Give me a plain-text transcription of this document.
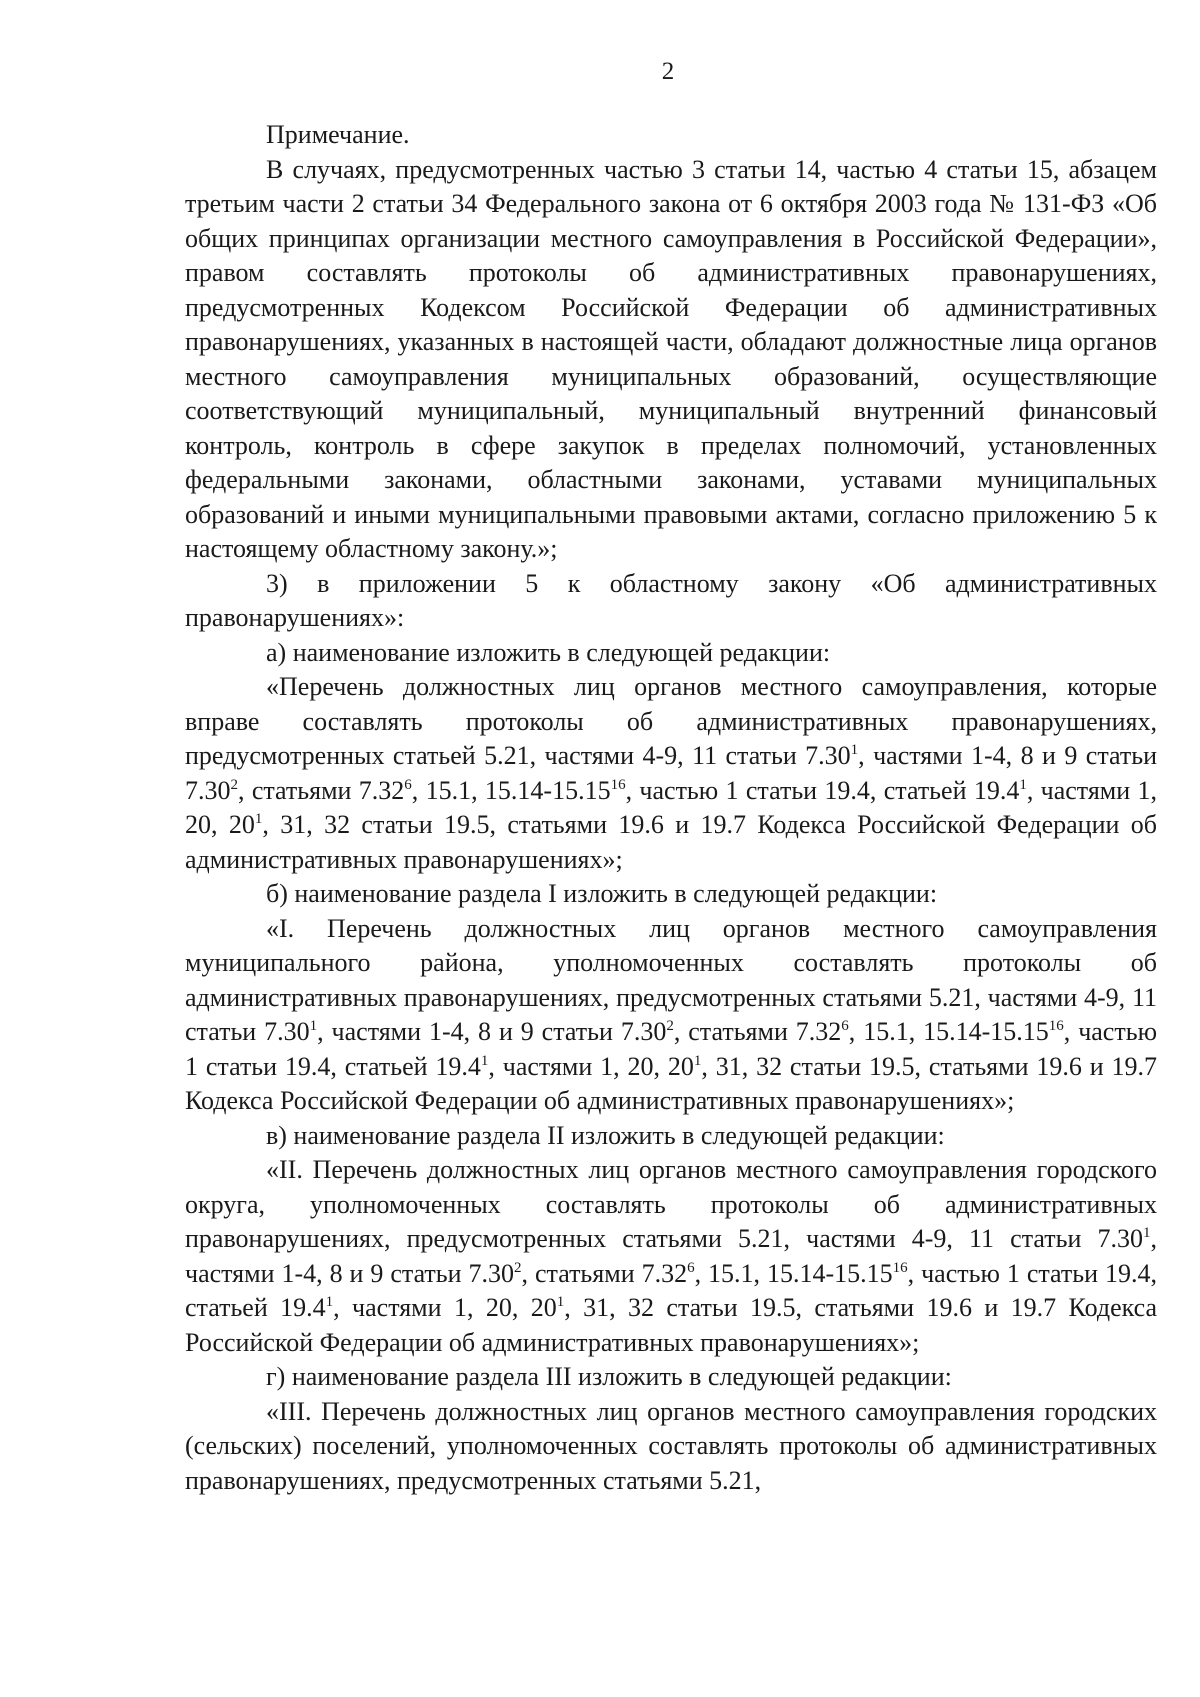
2

Примечание.

В случаях, предусмотренных частью 3 статьи 14, частью 4 статьи 15, абзацем третьим части 2 статьи 34 Федерального закона от 6 октября 2003 года № 131-ФЗ «Об общих принципах организации местного самоуправления в Российской Федерации», правом составлять протоколы об административных правонарушениях, предусмотренных Кодексом Российской Федерации об административных правонарушениях, указанных в настоящей части, обладают должностные лица органов местного самоуправления муниципальных образований, осуществляющие соответствующий муниципальный, муниципальный внутренний финансовый контроль, контроль в сфере закупок в пределах полномочий, установленных федеральными законами, областными законами, уставами муниципальных образований и иными муниципальными правовыми актами, согласно приложению 5 к настоящему областному закону.»;

3) в приложении 5 к областному закону «Об административных правонарушениях»:

а) наименование изложить в следующей редакции:

«Перечень должностных лиц органов местного самоуправления, которые вправе составлять протоколы об административных правонарушениях, предусмотренных статьей 5.21, частями 4-9, 11 статьи 7.30$^1$, частями 1-4, 8 и 9 статьи 7.30$^2$, статьями 7.32$^6$, 15.1, 15.14-15.15$^{16}$, частью 1 статьи 19.4, статьей 19.4$^1$, частями 1, 20, $20^1$, 31, 32 статьи 19.5, статьями 19.6 и 19.7 Кодекса Российской Федерации об административных правонарушениях»;

б) наименование раздела I изложить в следующей редакции:

«I. Перечень должностных лиц органов местного самоуправления муниципального района, уполномоченных составлять протоколы об административных правонарушениях, предусмотренных статьями 5.21, частями 4-9, 11 статьи 7.30$^1$, частями 1-4, 8 и 9 статьи 7.30$^2$, статьями 7.32$^6$, 15.1, 15.14-15.15$^{16}$, частью 1 статьи 19.4, статьей 19.4$^1$, частями 1, 20, $20^1$, 31, 32 статьи 19.5, статьями 19.6 и 19.7 Кодекса Российской Федерации об административных правонарушениях»;

в) наименование раздела II изложить в следующей редакции:

«II. Перечень должностных лиц органов местного самоуправления городского округа, уполномоченных составлять протоколы об административных правонарушениях, предусмотренных статьями 5.21, частями 4-9, 11 статьи 7.30$^1$, частями 1-4, 8 и 9 статьи 7.30$^2$, статьями 7.32$^6$, 15.1, 15.14-15.15$^{16}$, частью 1 статьи 19.4, статьей 19.4$^1$, частями 1, 20, $20^1$, 31, 32 статьи 19.5, статьями 19.6 и 19.7 Кодекса Российской Федерации об административных правонарушениях»;

г) наименование раздела III изложить в следующей редакции:

«III. Перечень должностных лиц органов местного самоуправления городских (сельских) поселений, уполномоченных составлять протоколы об административных правонарушениях, предусмотренных статьями 5.21,
